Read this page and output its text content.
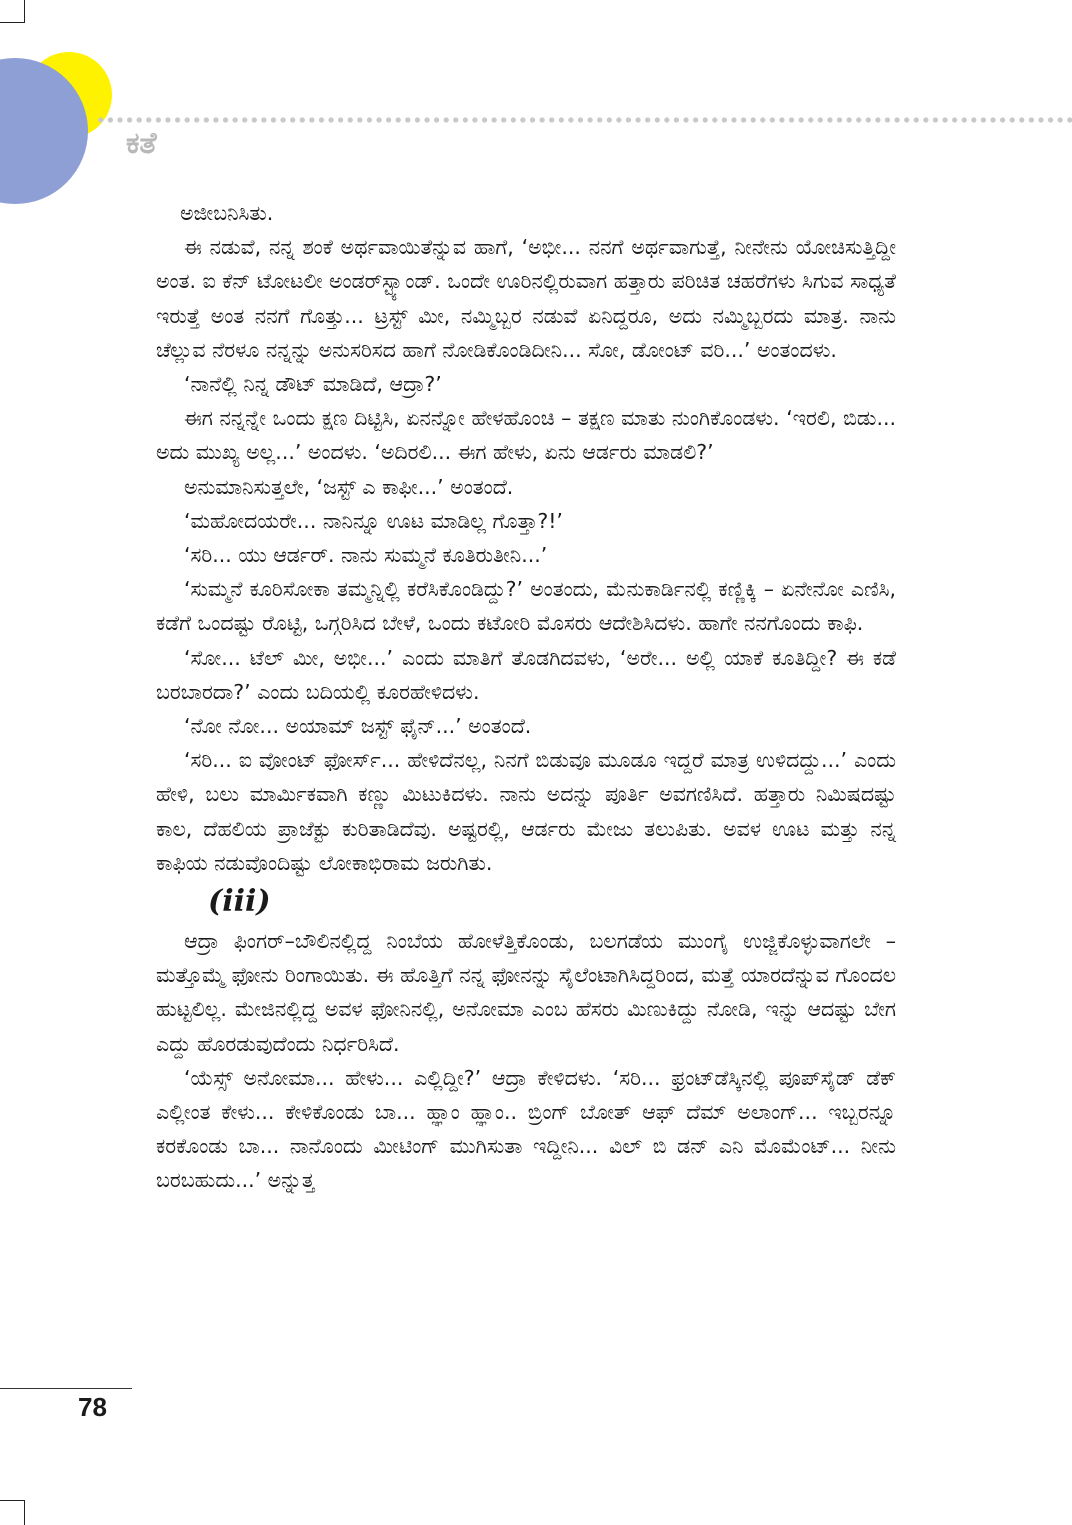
ಕತೆ

ಅಜೀಬನಿಸಿತು.

ಈ ನಡುವೆ, ನನ್ನ ಶಂಕೆ ಅರ್ಥವಾಯಿತೆನ್ನುವ ಹಾಗೆ, ‘ಅಭೀ... ನನಗೆ ಅರ್ಥವಾಗುತ್ತೆ, ನೀನೇನು ಯೋಚಿಸುತ್ತಿದ್ದೀ ಅಂತ. ಐ ಕೆನ್ ಟೋಟಲೀ ಅಂಡರ್‌ಸ್ಟ್ಯಾಂಡ್. ಒಂದೇ ಊರಿನಲ್ಲಿರುವಾಗ ಹತ್ತಾರು ಪರಿಚಿತ ಚಹರೆಗಳು ಸಿಗುವ ಸಾಧ್ಯತೆ ಇರುತ್ತೆ ಅಂತ ನನಗೆ ಗೊತ್ತು... ಟ್ರಸ್ಟ್ ಮೀ, ನಮ್ಮಿಬ್ಬರ ನಡುವೆ ಏನಿದ್ದರೂ, ಅದು ನಮ್ಮಿಬ್ಬರದು ಮಾತ್ರ. ನಾನು ಚೆಲ್ಲುವ ನೆರಳೂ ನನ್ನನ್ನು ಅನುಸರಿಸದ ಹಾಗೆ ನೋಡಿಕೊಂಡಿದೀನಿ... ಸೋ, ಡೋಂಟ್ ವರಿ...’ ಅಂತಂದಳು.

‘ನಾನೆಲ್ಲಿ ನಿನ್ನ ಡೌಟ್ ಮಾಡಿದೆ, ಆದ್ರಾ?’

ಈಗ ನನ್ನನ್ನೇ ಒಂದು ಕ್ಷಣ ದಿಟ್ಟಿಸಿ, ಏನನ್ನೋ ಹೇಳಹೊಂಚಿ – ತಕ್ಷಣ ಮಾತು ನುಂಗಿಕೊಂಡಳು. ‘ಇರಲಿ, ಬಿಡು... ಅದು ಮುಖ್ಯ ಅಲ್ಲ...’ ಅಂದಳು. ‘ಅದಿರಲಿ... ಈಗ ಹೇಳು, ಏನು ಆರ್ಡರು ಮಾಡಲಿ?’

ಅನುಮಾನಿಸುತ್ತಲೇ, ‘ಜಸ್ಟ್ ಎ ಕಾಫೀ...’ ಅಂತಂದೆ.

‘ಮಹೋದಯರೇ... ನಾನಿನ್ನೂ ಊಟ ಮಾಡಿಲ್ಲ ಗೊತ್ತಾ?!’

‘ಸರಿ... ಯು ಆರ್ಡರ್. ನಾನು ಸುಮ್ಮನೆ ಕೂತಿರುತೀನಿ...’

‘ಸುಮ್ಮನೆ ಕೂರಿಸೋಕಾ ತಮ್ಮನ್ನಿಲ್ಲಿ ಕರೆಸಿಕೊಂಡಿದ್ದು?’ ಅಂತಂದು, ಮೆನುಕಾರ್ಡಿನಲ್ಲಿ ಕಣ್ಣಿಕ್ಕಿ – ಏನೇನೋ ಎಣಿಸಿ, ಕಡೆಗೆ ಒಂದಷ್ಟು ರೊಟ್ಟಿ, ಒಗ್ಗರಿಸಿದ ಬೇಳೆ, ಒಂದು ಕಟೋರಿ ಮೊಸರು ಆದೇಶಿಸಿದಳು. ಹಾಗೇ ನನಗೊಂದು ಕಾಫಿ.

‘ಸೋ... ಟೆಲ್ ಮೀ, ಅಭೀ...’ ಎಂದು ಮಾತಿಗೆ ತೊಡಗಿದವಳು, ‘ಅರೇ... ಅಲ್ಲಿ ಯಾಕೆ ಕೂತಿದ್ದೀ? ಈ ಕಡೆ ಬರಬಾರದಾ?’ ಎಂದು ಬದಿಯಲ್ಲಿ ಕೂರಹೇಳಿದಳು.

‘ನೋ ನೋ... ಅಯಾಮ್ ಜಸ್ಟ್ ಫೈನ್...’ ಅಂತಂದೆ.

‘ಸರಿ... ಐ ವೋಂಟ್ ಫೋರ್ಸ್... ಹೇಳಿದೆನಲ್ಲ, ನಿನಗೆ ಬಿಡುವೂ ಮೂಡೂ ಇದ್ದರೆ ಮಾತ್ರ ಉಳಿದದ್ದು...’ ಎಂದು ಹೇಳಿ, ಬಲು ಮಾರ್ಮಿಕವಾಗಿ ಕಣ್ಣು ಮಿಟುಕಿದಳು. ನಾನು ಅದನ್ನು ಪೂರ್ತಿ ಅವಗಣಿಸಿದೆ. ಹತ್ತಾರು ನಿಮಿಷದಷ್ಟು ಕಾಲ, ದೆಹಲಿಯ ಪ್ರಾಜೆಕ್ಟು ಕುರಿತಾಡಿದೆವು. ಅಷ್ಟರಲ್ಲಿ, ಆರ್ಡರು ಮೇಜು ತಲುಪಿತು. ಅವಳ ಊಟ ಮತ್ತು ನನ್ನ ಕಾಫಿಯ ನಡುವೊಂದಿಷ್ಟು ಲೋಕಾಭಿರಾಮ ಜರುಗಿತು.

(iii)

ಆದ್ರಾ ಫಿಂಗರ್–ಬೌಲಿನಲ್ಲಿದ್ದ ನಿಂಬೆಯ ಹೋಳೆತ್ತಿಕೊಂಡು, ಬಲಗಡೆಯ ಮುಂಗೈ ಉಜ್ಜಿಕೊಳ್ಳುವಾಗಲೇ – ಮತ್ತೊಮ್ಮೆ ಫೋನು ರಿಂಗಾಯಿತು. ಈ ಹೊತ್ತಿಗೆ ನನ್ನ ಫೋನನ್ನು ಸೈಲೆಂಟಾಗಿಸಿದ್ದರಿಂದ, ಮತ್ತೆ ಯಾರದೆನ್ನುವ ಗೊಂದಲ ಹುಟ್ಟಲಿಲ್ಲ. ಮೇಜಿನಲ್ಲಿದ್ದ ಅವಳ ಫೋನಿನಲ್ಲಿ, ಅನೋಮಾ ಎಂಬ ಹೆಸರು ಮಿಣುಕಿದ್ದು ನೋಡಿ, ಇನ್ನು ಆದಷ್ಟು ಬೇಗ ಎದ್ದು ಹೊರಡುವುದೆಂದು ನಿರ್ಧರಿಸಿದೆ.

‘ಯೆಸ್ಸ್ ಅನೋಮಾ... ಹೇಳು... ಎಲ್ಲಿದ್ದೀ?’ ಆದ್ರಾ ಕೇಳಿದಳು. ‘ಸರಿ... ಫ್ರಂಟ್‌ಡೆಸ್ಕಿನಲ್ಲಿ ಪೂಪ್‌ಸೈಡ್ ಡೆಕ್ ಎಲ್ಲೀಂತ ಕೇಳು... ಕೇಳಿಕೊಂಡು ಬಾ... ಹ್ಞಾಂ ಹ್ಞಾಂ.. ಬ್ರಿಂಗ್ ಬೋತ್ ಆಫ್ ದೆಮ್ ಅಲಾಂಗ್... ಇಬ್ಬರನ್ನೂ ಕರಕೊಂಡು ಬಾ... ನಾನೊಂದು ಮೀಟಿಂಗ್ ಮುಗಿಸುತಾ ಇದ್ದೀನಿ... ವಿಲ್ ಬಿ ಡನ್ ಎನಿ ಮೊಮೆಂಟ್... ನೀನು ಬರಬಹುದು...’ ಅನ್ನುತ್ತ

78
